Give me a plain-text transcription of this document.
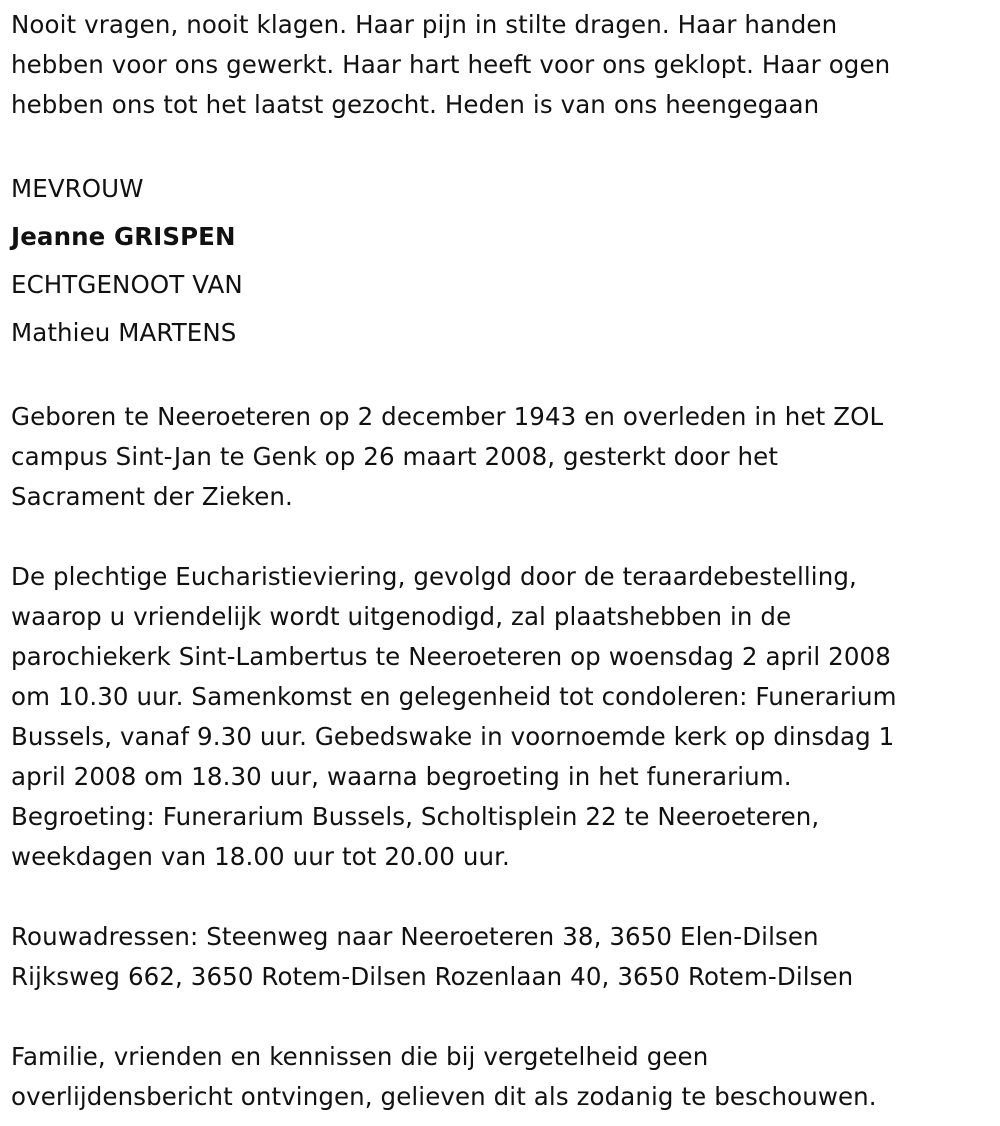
Nooit vragen, nooit klagen. Haar pijn in stilte dragen. Haar handen
hebben voor ons gewerkt. Haar hart heeft voor ons geklopt. Haar ogen
hebben ons tot het laatst gezocht. Heden is van ons heengegaan
MEVROUW
Jeanne GRISPEN
ECHTGENOOT VAN
Mathieu MARTENS
Geboren te Neeroeteren op 2 december 1943 en overleden in het ZOL
campus Sint-Jan te Genk op 26 maart 2008, gesterkt door het
Sacrament der Zieken.
De plechtige Eucharistieviering, gevolgd door de teraardebestelling,
waarop u vriendelijk wordt uitgenodigd, zal plaatshebben in de
parochiekerk Sint-Lambertus te Neeroeteren op woensdag 2 april 2008
om 10.30 uur. Samenkomst en gelegenheid tot condoleren: Funerarium
Bussels, vanaf 9.30 uur. Gebedswake in voornoemde kerk op dinsdag 1
april 2008 om 18.30 uur, waarna begroeting in het funerarium.
Begroeting: Funerarium Bussels, Scholtisplein 22 te Neeroeteren,
weekdagen van 18.00 uur tot 20.00 uur.
Rouwadressen: Steenweg naar Neeroeteren 38, 3650 Elen-Dilsen
Rijksweg 662, 3650 Rotem-Dilsen Rozenlaan 40, 3650 Rotem-Dilsen
Familie, vrienden en kennissen die bij vergetelheid geen
overlijdensbericht ontvingen, gelieven dit als zodanig te beschouwen.
